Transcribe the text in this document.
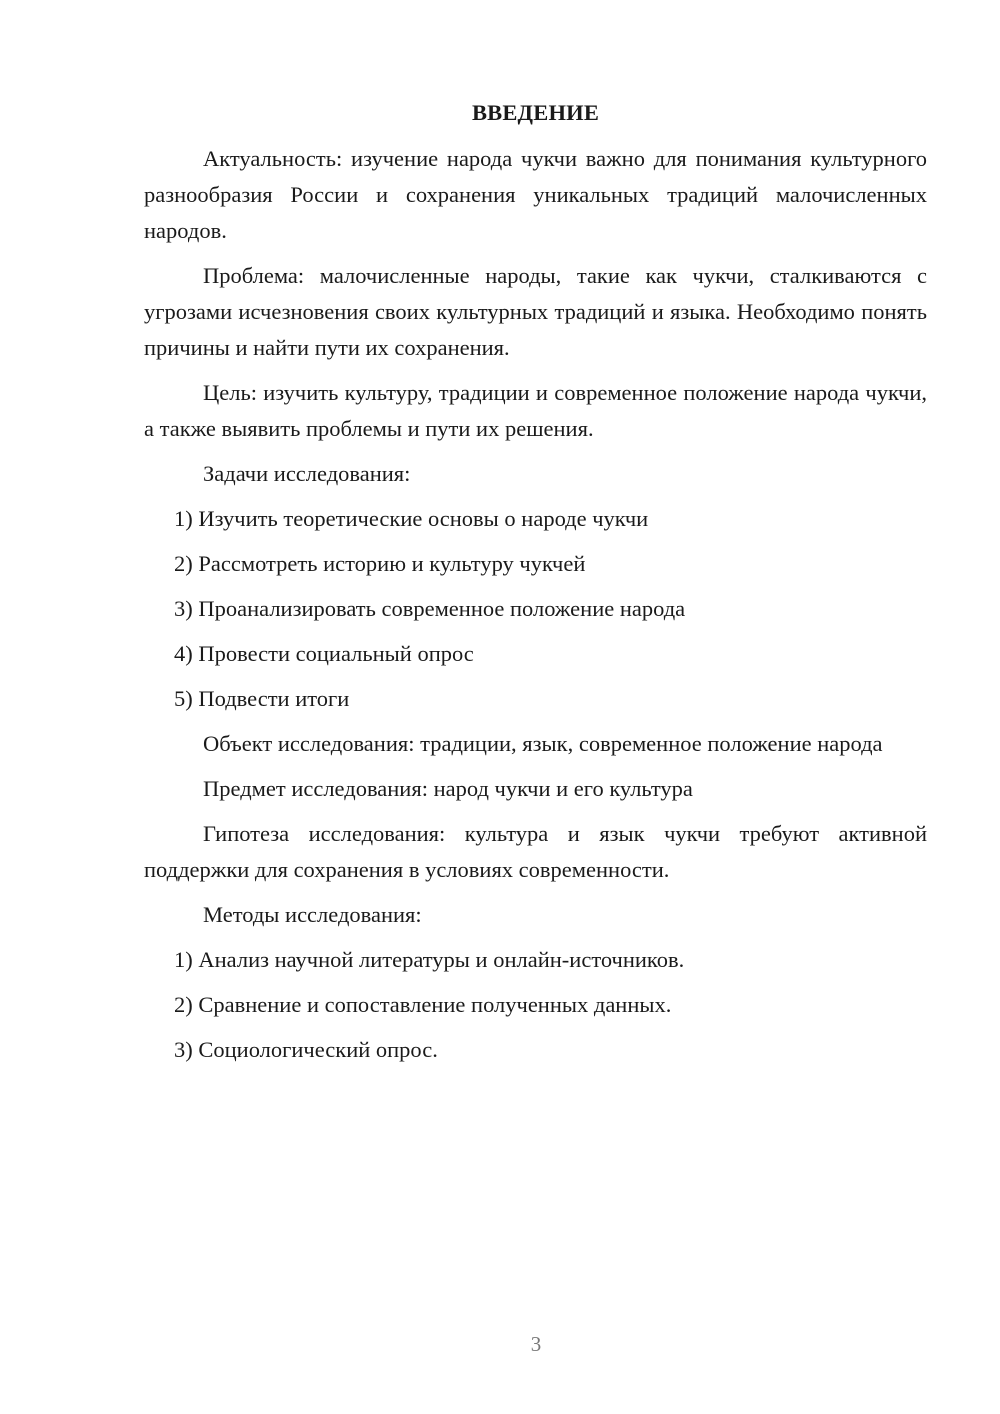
ВВЕДЕНИЕ

Актуальность: изучение народа чукчи важно для понимания культурного разнообразия России и сохранения уникальных традиций малочисленных народов.

Проблема: малочисленные народы, такие как чукчи, сталкиваются с угрозами исчезновения своих культурных традиций и языка. Необходимо понять причины и найти пути их сохранения.

Цель: изучить культуру, традиции и современное положение народа чукчи, а также выявить проблемы и пути их решения.

Задачи исследования:

1) Изучить теоретические основы о народе чукчи

2) Рассмотреть историю и культуру чукчей

3) Проанализировать современное положение народа

4) Провести социальный опрос

5) Подвести итоги

Объект исследования: традиции, язык, современное положение народа

Предмет исследования: народ чукчи и его культура

Гипотеза исследования: культура и язык чукчи требуют активной поддержки для сохранения в условиях современности.

Методы исследования:

1) Анализ научной литературы и онлайн-источников.

2) Сравнение и сопоставление полученных данных.

3) Социологический опрос.

3
